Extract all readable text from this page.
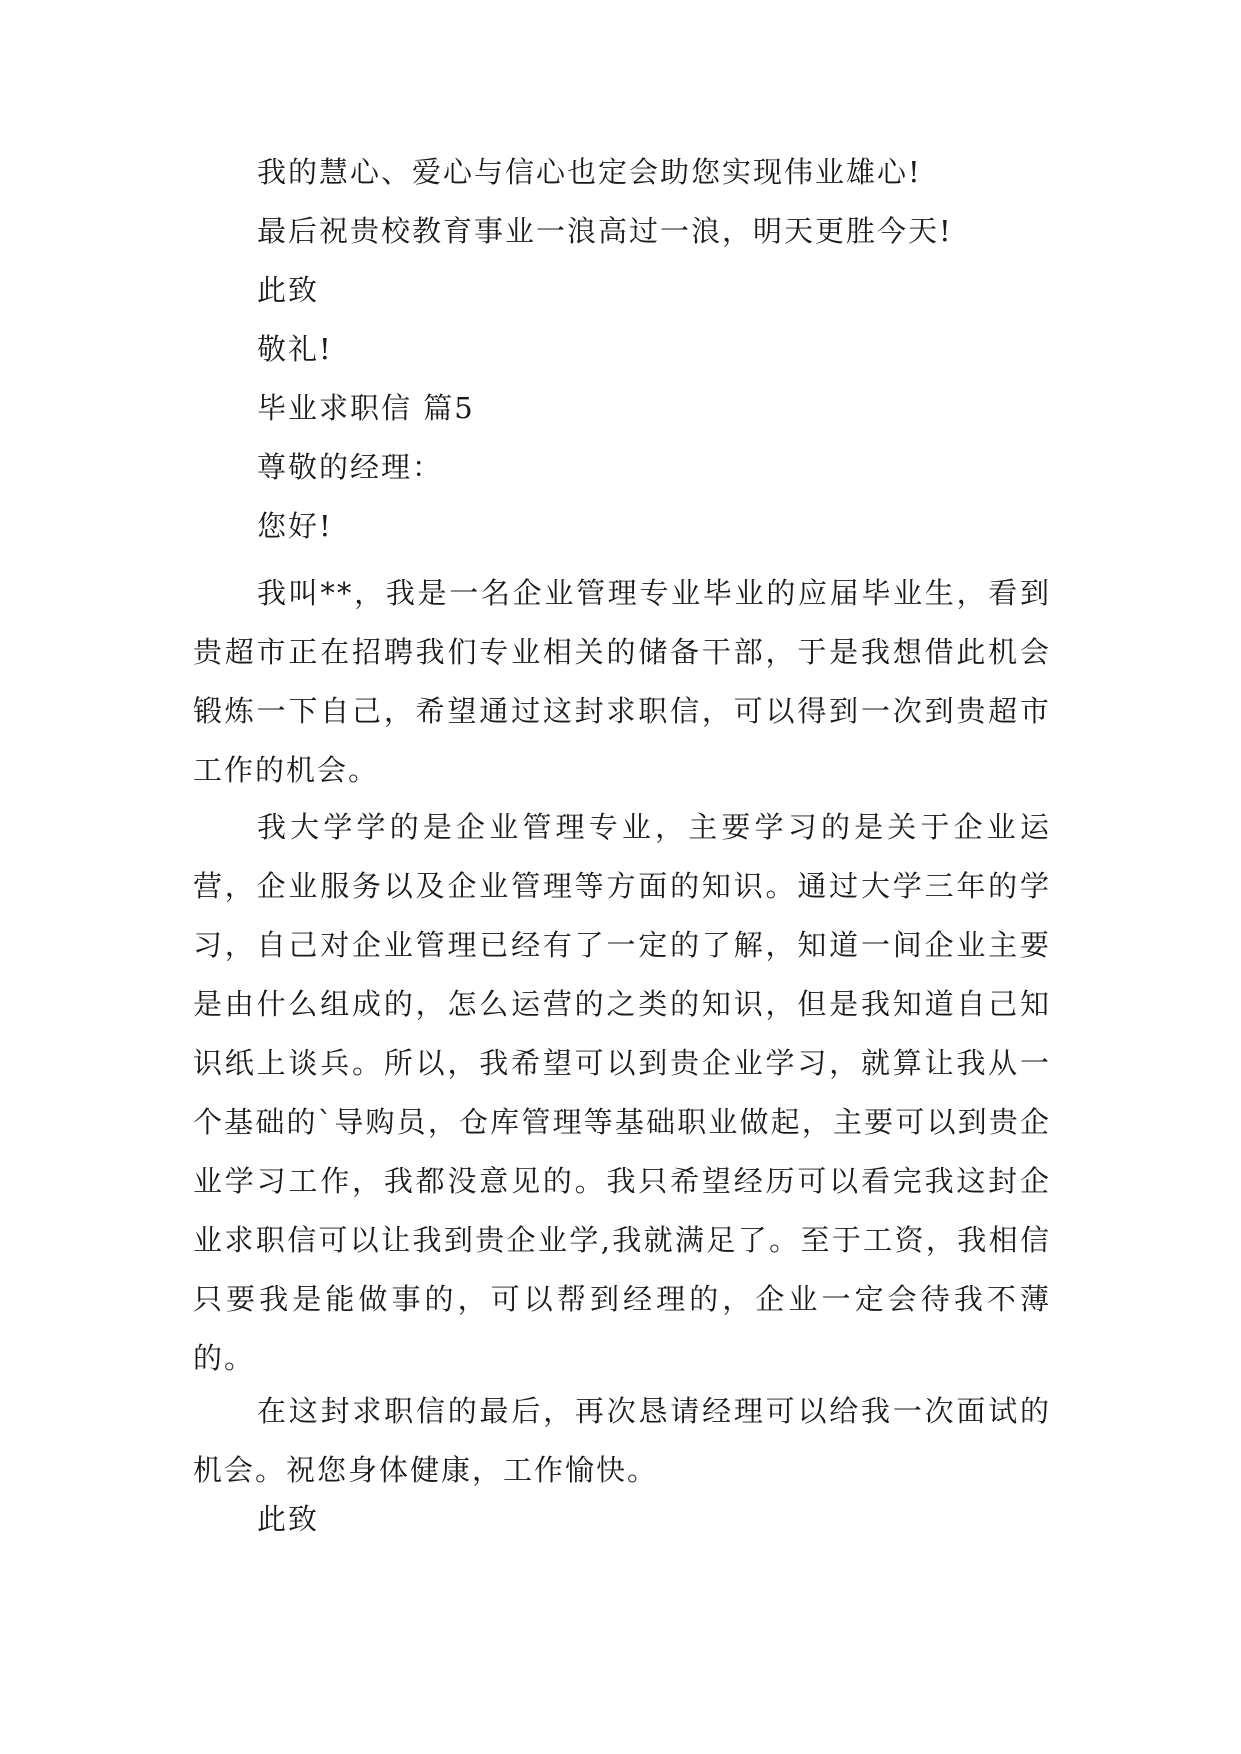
我的慧心、爱心与信心也定会助您实现伟业雄心!
最后祝贵校教育事业一浪高过一浪，明天更胜今天!
此致
敬礼!
毕业求职信 篇5
尊敬的经理：
您好!
我叫**，我是一名企业管理专业毕业的应届毕业生，看到贵超市正在招聘我们专业相关的储备干部，于是我想借此机会锻炼一下自己，希望通过这封求职信，可以得到一次到贵超市工作的机会。
我大学学的是企业管理专业，主要学习的是关于企业运营，企业服务以及企业管理等方面的知识。通过大学三年的学习，自己对企业管理已经有了一定的了解，知道一间企业主要是由什么组成的，怎么运营的之类的知识，但是我知道自己知识纸上谈兵。所以，我希望可以到贵企业学习，就算让我从一个基础的`导购员，仓库管理等基础职业做起，主要可以到贵企业学习工作，我都没意见的。我只希望经历可以看完我这封企业求职信可以让我到贵企业学,我就满足了。至于工资，我相信只要我是能做事的，可以帮到经理的，企业一定会待我不薄的。
在这封求职信的最后，再次恳请经理可以给我一次面试的机会。祝您身体健康，工作愉快。
此致
